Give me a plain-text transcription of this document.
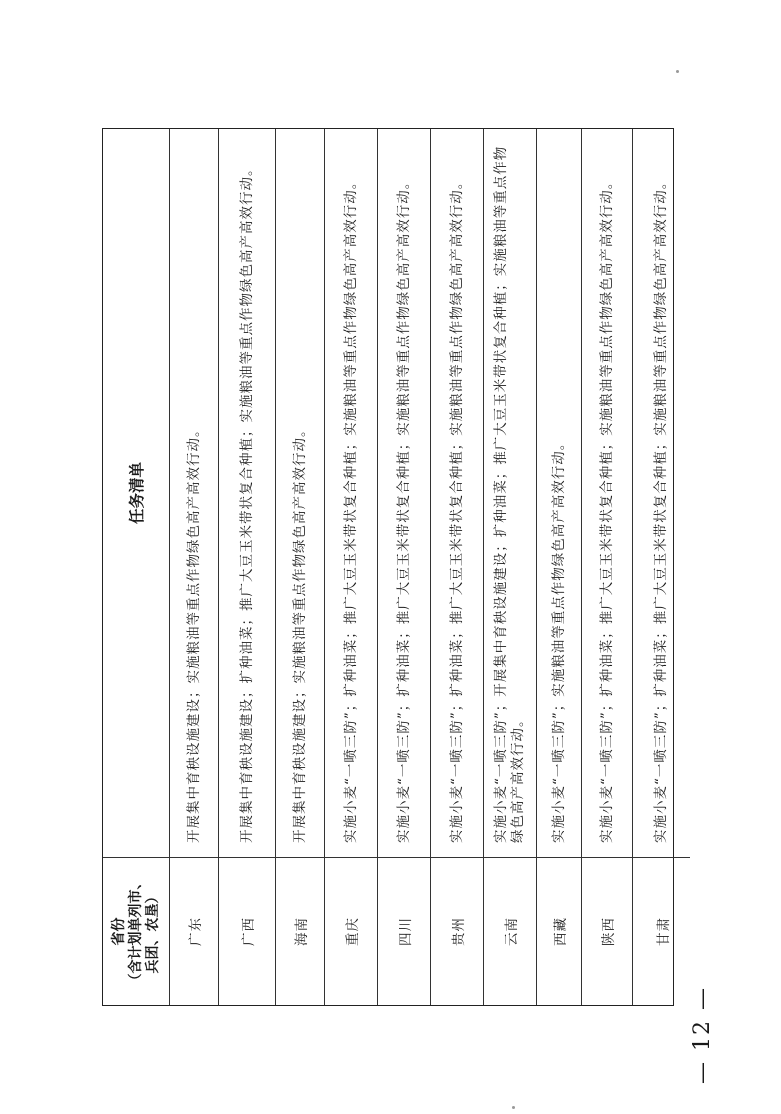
— 12 —
省份 （含计划单列市、 兵团、农垦）
任务清单
广东
开展集中育秧设施建设；实施粮油等重点作物绿色高产高效行动。
广西
开展集中育秧设施建设；扩种油菜；推广大豆玉米带状复合种植；实施粮油等重点作物绿色高产高效行动。
海南
开展集中育秧设施建设；实施粮油等重点作物绿色高产高效行动。
重庆
实施小麦“一喷三防”；扩种油菜；推广大豆玉米带状复合种植；实施粮油等重点作物绿色高产高效行动。
四川
实施小麦“一喷三防”；扩种油菜；推广大豆玉米带状复合种植；实施粮油等重点作物绿色高产高效行动。
贵州
实施小麦“一喷三防”；扩种油菜；推广大豆玉米带状复合种植；实施粮油等重点作物绿色高产高效行动。
云南
实施小麦“一喷三防”；开展集中育秧设施建设；扩种油菜；推广大豆玉米带状复合种植；实施粮油等重点作物绿色高产高效行动。
西藏
实施小麦“一喷三防”；实施粮油等重点作物绿色高产高效行动。
陕西
实施小麦“一喷三防”；扩种油菜；推广大豆玉米带状复合种植；实施粮油等重点作物绿色高产高效行动。
甘肃
实施小麦“一喷三防”；扩种油菜；推广大豆玉米带状复合种植；实施粮油等重点作物绿色高产高效行动。
